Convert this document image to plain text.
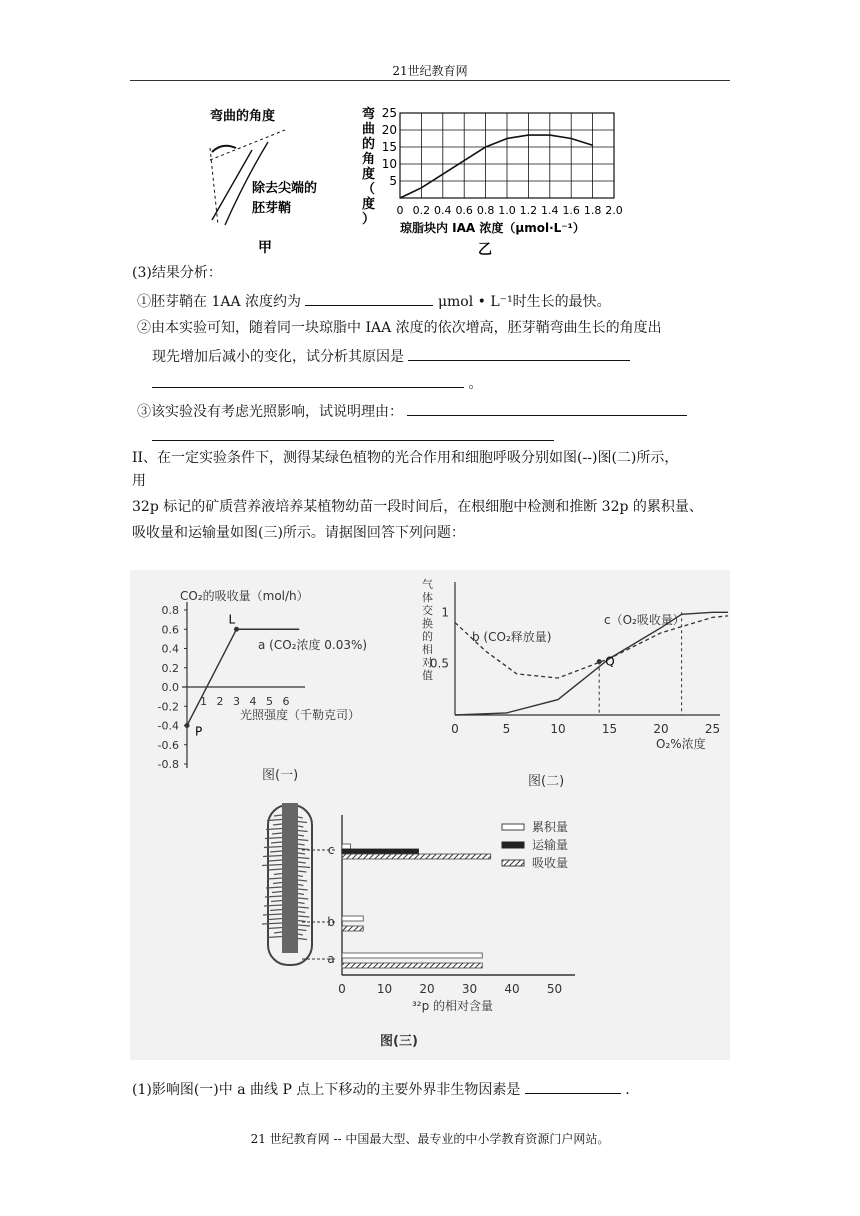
21世纪教育网
弯曲的角度
除去尖端的
胚芽鞘
甲
弯
曲
的
角
度
（
度
）
5
10
15
20
25
0 0.2 0.4 0.6 0.8 1.0 1.2 1.4 1.6 1.8 2.0
琼脂块内 IAA 浓度（μmol·L⁻¹）
乙
(3)结果分析：
①胚芽鞘在 1AA 浓度约为	μmol • L⁻¹时生长的最快。
②由本实验可知，随着同一块琼脂中 IAA 浓度的依次增高，胚芽鞘弯曲生长的角度出
现先增加后减小的变化，试分析其原因是
。
③该实验没有考虑光照影响，试说明理由：
II、在一定实验条件下，测得某绿色植物的光合作用和细胞呼吸分别如图(--)图(二)所示，
用
32p 标记的矿质营养液培养某植物幼苗一段时间后，在根细胞中检测和推断 32p 的累积量、
吸收量和运输量如图(三)所示。请据图回答下列问题：
0.8
0.6
0.4
0.2
0.0
-0.2
-0.4
-0.6
-0.8
1 2 3 4 5 6
L
P
a (CO₂浓度 0.03%)
CO₂的吸收量（mol/h）
光照强度（千勒克司）
图(一)
气
体
交
换
的
相
对
值
1
0.5
0	5	10	15	20	25
Q
b (CO₂释放量)
c（O₂吸收量）
O₂%浓度
图(二)
累积量
运输量
吸收量
c
b
a
0	10 20 30 40 50
³²p 的相对含量
图(三)
(1)影响图(一)中 a 曲线 P 点上下移动的主要外界非生物因素是	.
21 世纪教育网 -- 中国最大型、最专业的中小学教育资源门户网站。
